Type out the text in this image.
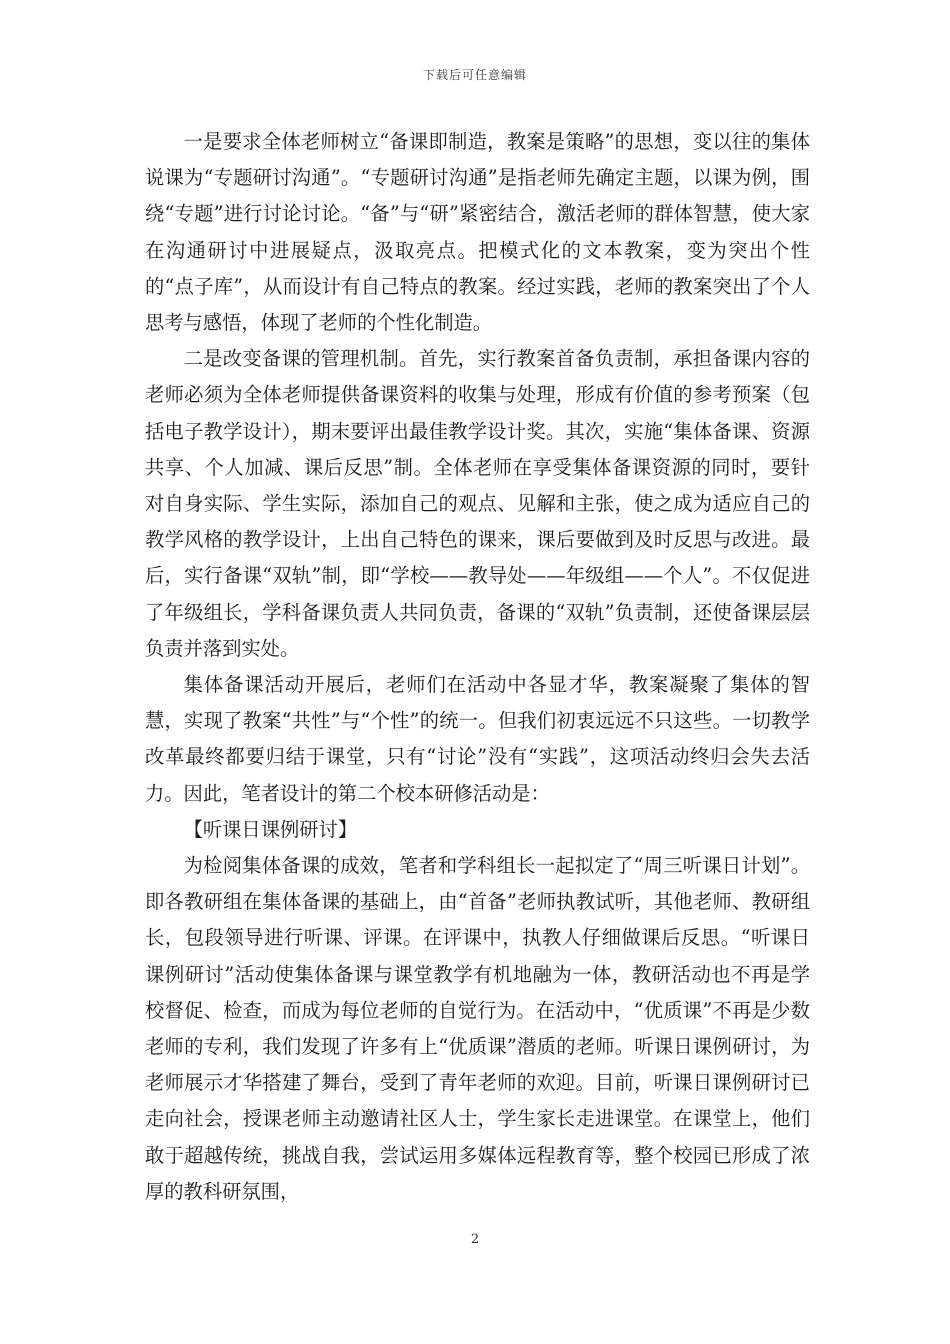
下载后可任意编辑

一是要求全体老师树立“备课即制造，教案是策略”的思想，变以往的集体说课为“专题研讨沟通”。“专题研讨沟通”是指老师先确定主题，以课为例，围绕“专题”进行讨论讨论。“备”与“研”紧密结合，激活老师的群体智慧，使大家在沟通研讨中进展疑点，汲取亮点。把模式化的文本教案，变为突出个性的“点子库”，从而设计有自己特点的教案。经过实践，老师的教案突出了个人思考与感悟，体现了老师的个性化制造。

二是改变备课的管理机制。首先，实行教案首备负责制，承担备课内容的老师必须为全体老师提供备课资料的收集与处理，形成有价值的参考预案（包括电子教学设计），期末要评出最佳教学设计奖。其次，实施“集体备课、资源共享、个人加减、课后反思”制。全体老师在享受集体备课资源的同时，要针对自身实际、学生实际，添加自己的观点、见解和主张，使之成为适应自己的教学风格的教学设计，上出自己特色的课来，课后要做到及时反思与改进。最后，实行备课“双轨”制，即“学校——教导处——年级组——个人”。不仅促进了年级组长，学科备课负责人共同负责，备课的“双轨”负责制，还使备课层层负责并落到实处。

集体备课活动开展后，老师们在活动中各显才华，教案凝聚了集体的智慧，实现了教案“共性”与“个性”的统一。但我们初衷远远不只这些。一切教学改革最终都要归结于课堂，只有“讨论”没有“实践”，这项活动终归会失去活力。因此，笔者设计的第二个校本研修活动是：

【听课日课例研讨】

为检阅集体备课的成效，笔者和学科组长一起拟定了“周三听课日计划”。即各教研组在集体备课的基础上，由“首备”老师执教试听，其他老师、教研组长，包段领导进行听课、评课。在评课中，执教人仔细做课后反思。“听课日课例研讨”活动使集体备课与课堂教学有机地融为一体，教研活动也不再是学校督促、检查，而成为每位老师的自觉行为。在活动中，“优质课”不再是少数老师的专利，我们发现了许多有上“优质课”潜质的老师。听课日课例研讨，为老师展示才华搭建了舞台，受到了青年老师的欢迎。目前，听课日课例研讨已走向社会，授课老师主动邀请社区人士，学生家长走进课堂。在课堂上，他们敢于超越传统，挑战自我，尝试运用多媒体远程教育等，整个校园已形成了浓厚的教科研氛围，

2
